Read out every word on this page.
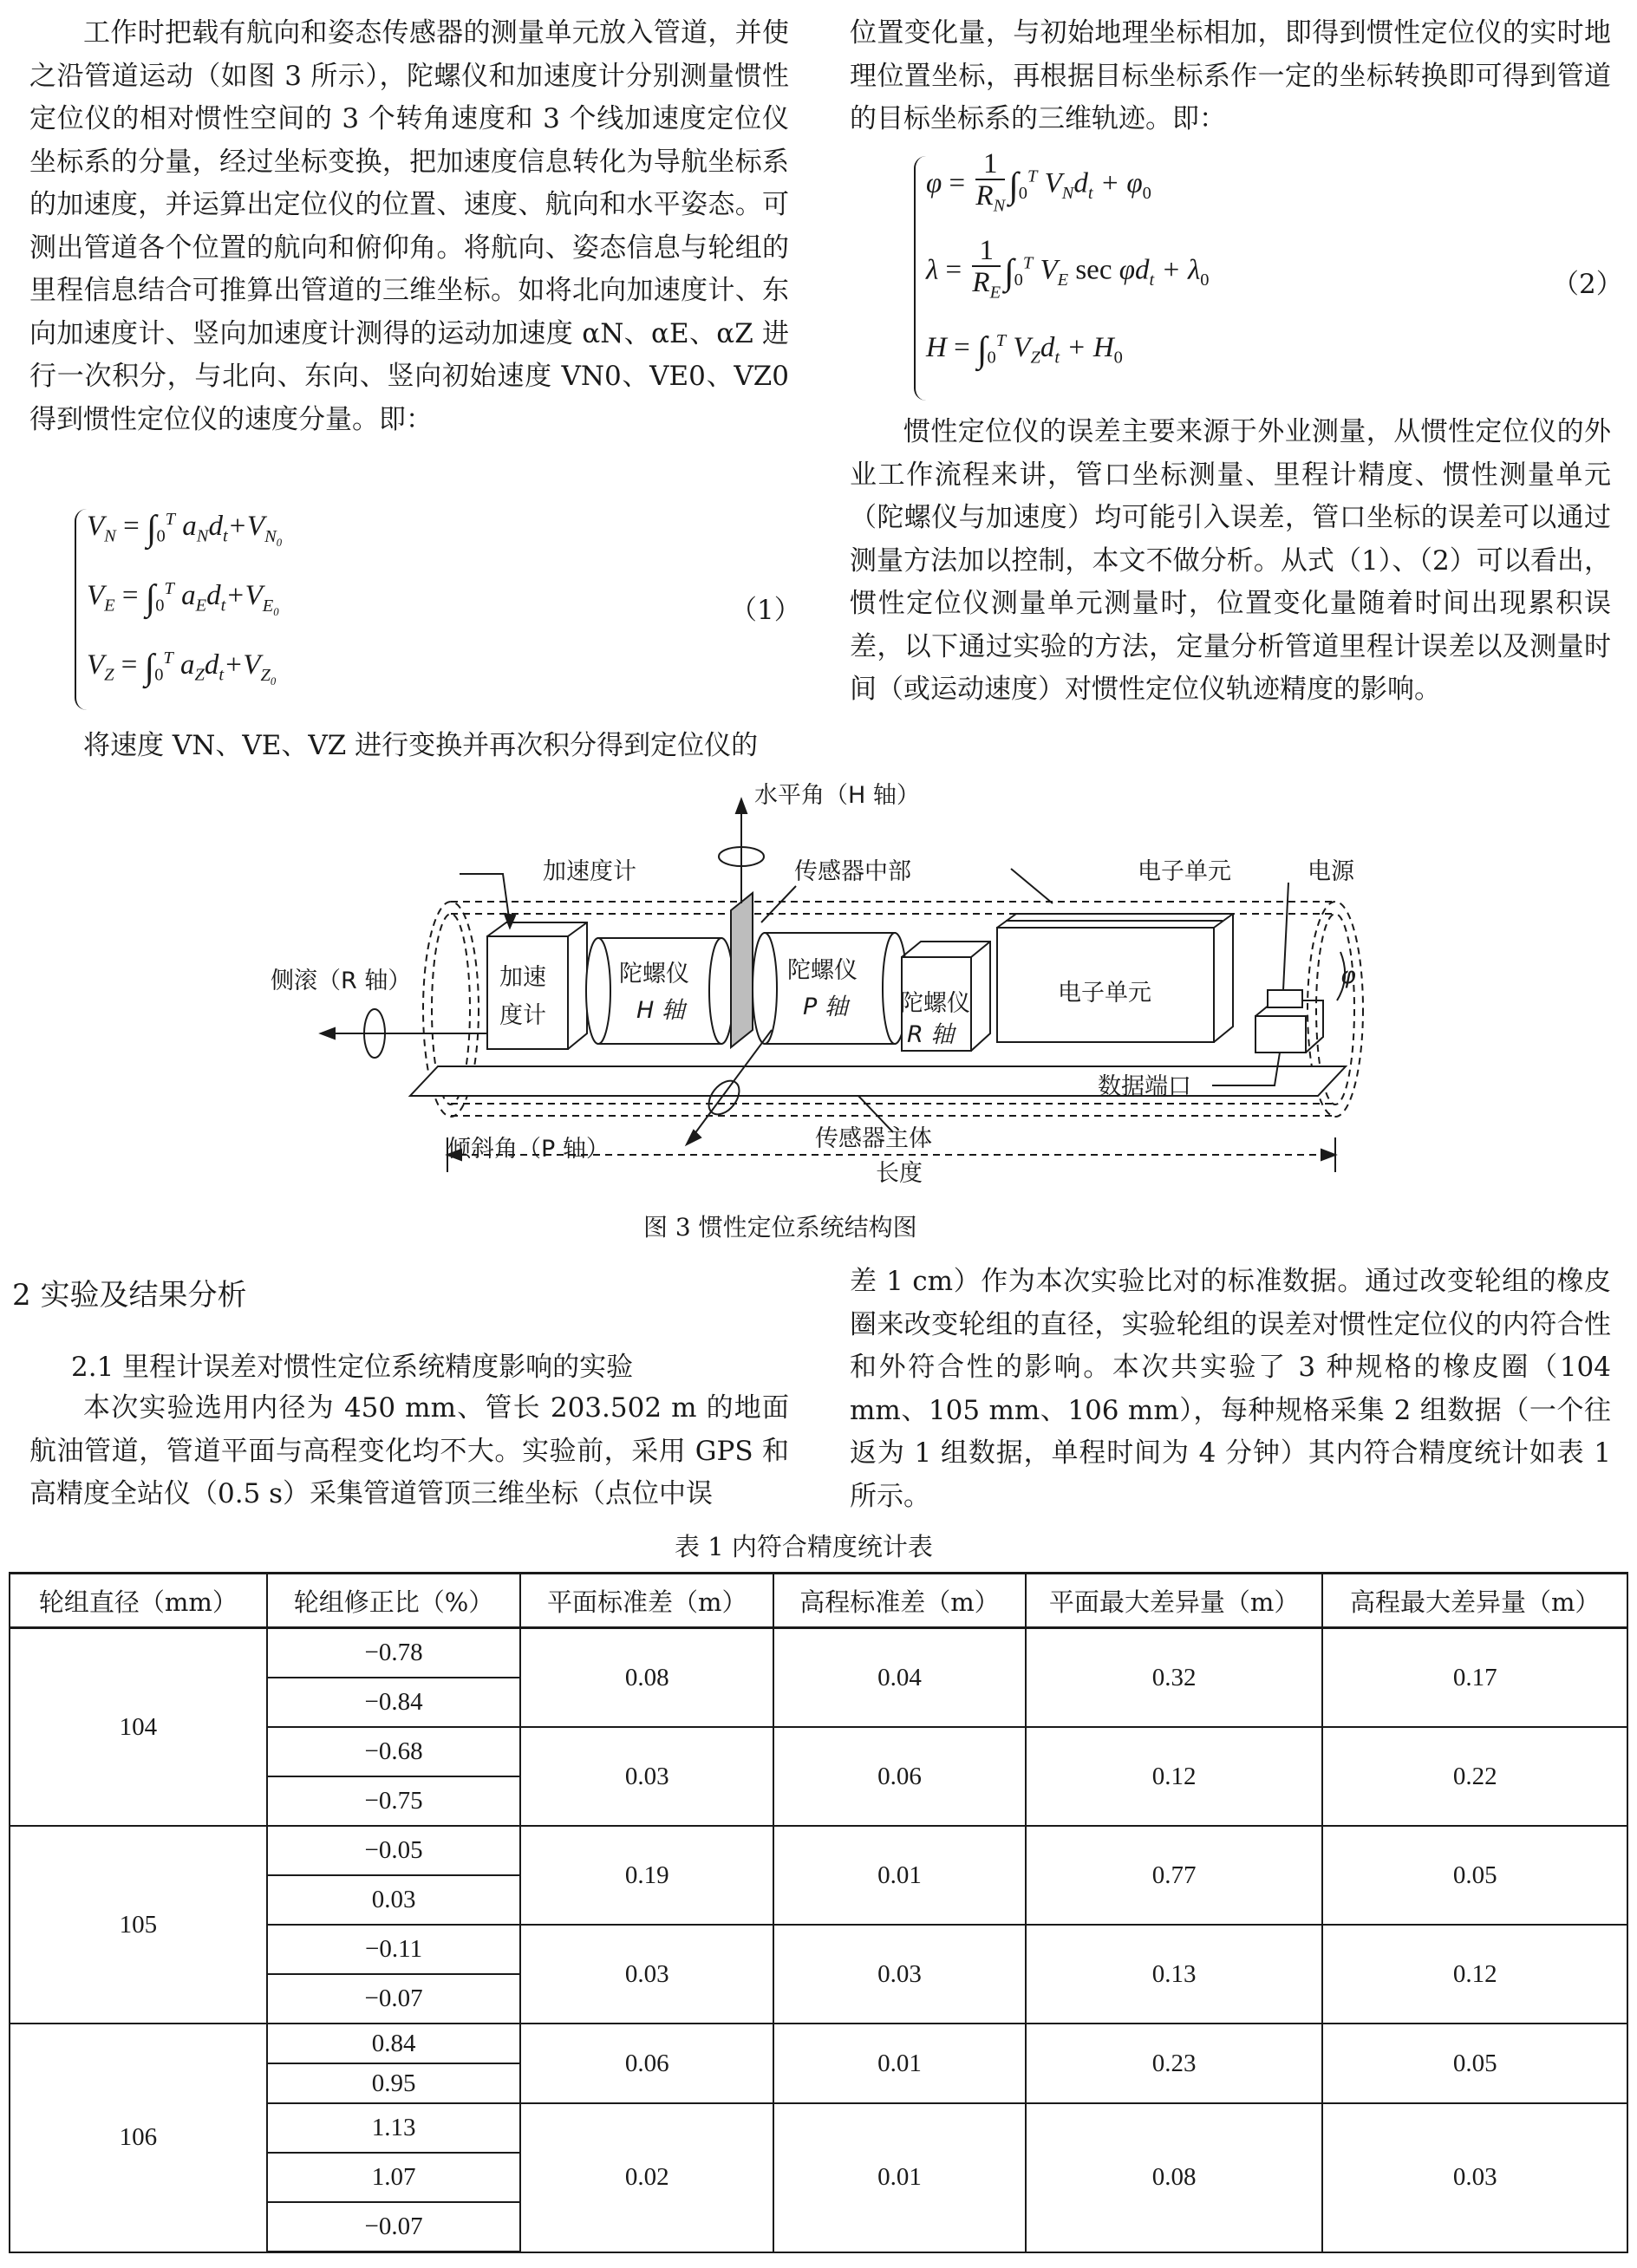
工作时把载有航向和姿态传感器的测量单元放入管道，并使之沿管道运动（如图 3 所示），陀螺仪和加速度计分别测量惯性定位仪的相对惯性空间的 3 个转角速度和 3 个线加速度定位仪坐标系的分量，经过坐标变换，把加速度信息转化为导航坐标系的加速度，并运算出定位仪的位置、速度、航向和水平姿态。可测出管道各个位置的航向和俯仰角。将航向、姿态信息与轮组的里程信息结合可推算出管道的三维坐标。如将北向加速度计、东向加速度计、竖向加速度计测得的运动加速度 αN、αE、αZ 进行一次积分，与北向、东向、竖向初始速度 VN0、VE0、VZ0 得到惯性定位仪的速度分量。即：

$V_N = \int_0^T$ $a_Nd_t+V_{N_0}$
$V_E = \int_0^T$ $a_Ed_t+V_{E_0}$
$V_Z = \int_0^T$ $a_Zd_t+V_{Z_0}$
（1）

将速度 VN、VE、VZ 进行变换并再次积分得到定位仪的

位置变化量，与初始地理坐标相加，即得到惯性定位仪的实时地理位置坐标，再根据目标坐标系作一定的坐标转换即可得到管道的目标坐标系的三维轨迹。即：

$\varphi = \frac{1}{R_N} \int_0^T$ $V_Nd_t + \varphi_0$
$\lambda = \frac{1}{R_E} \int_0^T$ $V_E$ $\sec \varphi d_t + \lambda_0$
$H = \int_0^T$ $V_Zd_t + H_0$
（2）

惯性定位仪的误差主要来源于外业测量，从惯性定位仪的外业工作流程来讲，管口坐标测量、里程计精度、惯性测量单元（陀螺仪与加速度）均可能引入误差，管口坐标的误差可以通过测量方法加以控制，本文不做分析。从式（1）、（2）可以看出，惯性定位仪测量单元测量时，位置变化量随着时间出现累积误差，以下通过实验的方法，定量分析管道里程计误差以及测量时间（或运动速度）对惯性定位仪轨迹精度的影响。

水平角（H 轴）
加速度计	传感器中部	电子单元	电源
侧滚（R 轴）	加速
度计
陀螺仪
H 轴
陀螺仪
P 轴 陀螺仪
R 轴
电子单元
φ
数据端口
倾斜角（P 轴）	传感器主体
长度
图 3 惯性定位系统结构图
2 实验及结果分析
2.1 里程计误差对惯性定位系统精度影响的实验

本次实验选用内径为 450 mm、管长 203.502 m 的地面航油管道，管道平面与高程变化均不大。实验前，采用 GPS 和高精度全站仪（0.5 s）采集管道管顶三维坐标（点位中误

差 1 cm）作为本次实验比对的标准数据。通过改变轮组的橡皮圈来改变轮组的直径，实验轮组的误差对惯性定位仪的内符合性和外符合性的影响。本次共实验了 3 种规格的橡皮圈（104 mm、105 mm、106 mm），每种规格采集 2 组数据（一个往返为 1 组数据，单程时间为 4 分钟）其内符合精度统计如表 1 所示。

表 1 内符合精度统计表
轮组直径（mm）	轮组修正比（%）	平面标准差（m）	高程标准差（m）	平面最大差异量（m）	高程最大差异量（m）
104	−0.78	0.08	0.04	0.32	0.17
	−0.84				
	−0.68	0.03	0.06	0.12	0.22
	−0.75				
105	−0.05	0.19	0.01	0.77	0.05
	0.03				
	−0.11	0.03	0.03	0.13	0.12
	−0.07				
106	0.84	0.06	0.01	0.23	0.05
	0.95				
	1.13	0.02	0.01	0.08	0.03
	1.07				
	−0.07				
